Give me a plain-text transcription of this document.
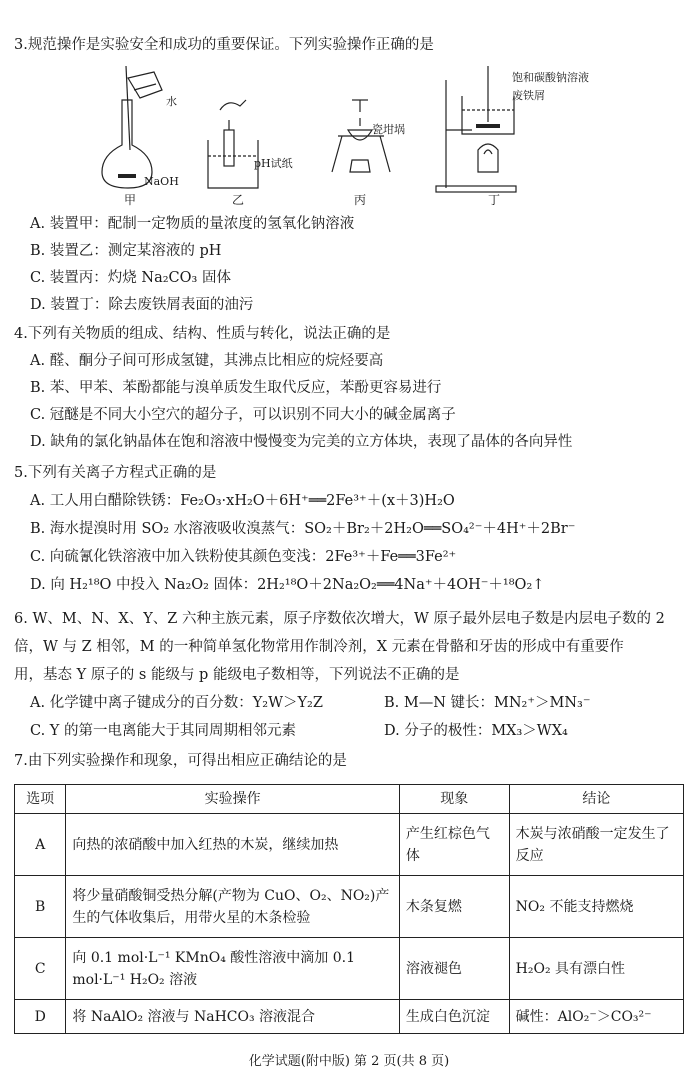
3.规范操作是实验安全和成功的重要保证。下列实验操作正确的是
水
NaOH
pH试纸
瓷坩埚
饱和碳酸钠溶液
废铁屑
甲	乙	丙	丁
A. 装置甲：配制一定物质的量浓度的氢氧化钠溶液
B. 装置乙：测定某溶液的 pH
C. 装置丙：灼烧 Na₂CO₃ 固体
D. 装置丁：除去废铁屑表面的油污
4.下列有关物质的组成、结构、性质与转化，说法正确的是
A. 醛、酮分子间可形成氢键，其沸点比相应的烷烃要高
B. 苯、甲苯、苯酚都能与溴单质发生取代反应，苯酚更容易进行
C. 冠醚是不同大小空穴的超分子，可以识别不同大小的碱金属离子
D. 缺角的氯化钠晶体在饱和溶液中慢慢变为完美的立方体块，表现了晶体的各向异性
5.下列有关离子方程式正确的是
A. 工人用白醋除铁锈：Fe₂O₃·xH₂O＋6H⁺══2Fe³⁺＋(x＋3)H₂O
B. 海水提溴时用 SO₂ 水溶液吸收溴蒸气：SO₂＋Br₂＋2H₂O══SO₄²⁻＋4H⁺＋2Br⁻
C. 向硫氰化铁溶液中加入铁粉使其颜色变浅：2Fe³⁺＋Fe══3Fe²⁺
D. 向 H₂¹⁸O 中投入 Na₂O₂ 固体：2H₂¹⁸O＋2Na₂O₂══4Na⁺＋4OH⁻＋¹⁸O₂↑
6. W、M、N、X、Y、Z 六种主族元素，原子序数依次增大，W 原子最外层电子数是内层电子数的 2
倍，W 与 Z 相邻，M 的一种简单氢化物常用作制冷剂，X 元素在骨骼和牙齿的形成中有重要作
用，基态 Y 原子的 s 能级与 p 能级电子数相等，下列说法不正确的是
A. 化学键中离子键成分的百分数：Y₂W＞Y₂Z	B. M—N 键长：MN₂⁺＞MN₃⁻
C. Y 的第一电离能大于其同周期相邻元素	D. 分子的极性：MX₃＞WX₄
7.由下列实验操作和现象，可得出相应正确结论的是
选项	实验操作	现象	结论
A	向热的浓硝酸中加入红热的木炭，继续加热	产生红棕色气体	木炭与浓硝酸一定发生了反应
B	将少量硝酸铜受热分解(产物为 CuO、O₂、NO₂)产生的气体收集后，用带火星的木条检验	木条复燃	NO₂ 不能支持燃烧
C	向 0.1 mol·L⁻¹ KMnO₄ 酸性溶液中滴加 0.1 mol·L⁻¹ H₂O₂ 溶液	溶液褪色	H₂O₂ 具有漂白性
D	将 NaAlO₂ 溶液与 NaHCO₃ 溶液混合	生成白色沉淀	碱性：AlO₂⁻＞CO₃²⁻
化学试题(附中版) 第 2 页(共 8 页)
